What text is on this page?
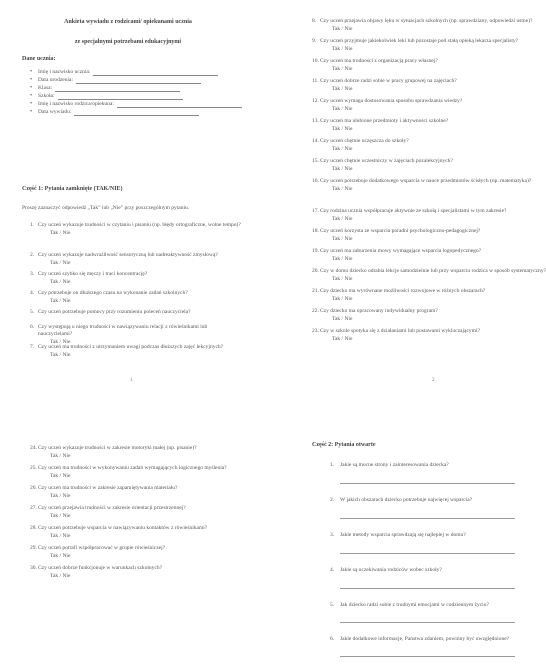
Ankieta wywiadu z rodzicami/ opiekunami ucznia
ze specjalnymi potrzebami edukacyjnymi
Dane ucznia:
• Imię i nazwisko ucznia:
• Data urodzenia:
• Klasa:
• Szkoła:
• Imię i nazwisko rodzica/opiekuna:
• Data wywiadu:
Część 1: Pytania zamknięte (TAK/NIE)
Proszę zaznaczyć odpowiedź „Tak” lub „Nie” przy poszczególnym pytaniu.
1. Czy uczeń wykazuje trudności w czytaniu i pisaniu (np. błędy ortograficzne, wolne tempo)?
Tak / Nie
2. Czy uczeń wykazuje nadwrażliwość sensoryczną lub nadreaktywność zmysłową?
Tak / Nie
3. Czy uczeń szybko się męczy i traci koncentrację?
Tak / Nie
4. Czy potrzebuje on dłuższego czasu na wykonanie zadań szkolnych?
Tak / Nie
5. Czy uczeń potrzebuje pomocy przy rozumieniu poleceń nauczyciela?
6. Czy występują u niego trudności w nawiązywaniu relacji z rówieśnikami lub nauczycielami?
Tak / Nie
7. Czy uczeń ma trudności z utrzymaniem uwagi podczas dłuższych zajęć lekcyjnych?
Tak / Nie
1
8. Czy uczeń przejawia objawy lęku w sytuacjach szkolnych (np. sprawdziany, odpowiedzi ustne)?
Tak / Nie
9. Czy uczeń przyjmuje jakiekolwiek leki lub pozostaje pod stałą opieką lekarza specjalisty?
Tak / Nie
10. Czy uczeń ma trudności z organizacją pracy własnej?
Tak / Nie
11. Czy uczeń dobrze radzi sobie w pracy grupowej na zajęciach?
Tak / Nie
12. Czy uczeń wymaga dostosowania sposobu sprawdzania wiedzy?
Tak / Nie
13. Czy uczeń ma ulubione przedmioty i aktywności szkolne?
Tak / Nie
14. Czy uczeń chętnie uczęszcza do szkoły?
Tak / Nie
15. Czy uczeń chętnie uczestniczy w zajęciach pozalekcyjnych?
Tak / Nie
16. Czy uczeń potrzebuje dodatkowego wsparcia w nauce przedmiotów ścisłych (np. matematyka)?
Tak / Nie
17. Czy rodzina ucznia współpracuje aktywnie ze szkołą i specjalistami w tym zakresie?
Tak / Nie
18. Czy uczeń korzysta ze wsparcia poradni psychologiczno-pedagogicznej?
Tak / Nie
19. Czy uczeń ma zaburzenia mowy wymagające wsparcia logopedycznego?
Tak / Nie
20. Czy w domu dziecko odrabia lekcje samodzielnie lub przy wsparciu rodzica w sposób systematyczny?
Tak / Nie
21. Czy dziecko ma wyrównane możliwości rozwojowe w różnych obszarach?
Tak / Nie
22. Czy dziecko ma opracowany indywidualny program?
Tak / Nie
23. Czy w szkole spotyka się z działaniami lub postawami wykluczającymi?
Tak / Nie
2
24. Czy uczeń wykazuje trudności w zakresie motoryki małej (np. pisanie)?
Tak / Nie
25. Czy uczeń ma trudności w wykonywaniu zadań wymagających logicznego myślenia?
Tak / Nie
26. Czy uczeń ma trudności w zakresie zapamiętywania materiału?
Tak / Nie
27. Czy uczeń przejawia trudności w zakresie orientacji przestrzennej?
Tak / Nie
28. Czy uczeń potrzebuje wsparcia w nawiązywaniu kontaktów z rówieśnikami?
Tak / Nie
29. Czy uczeń potrafi współpracować w grupie rówieśniczej?
Tak / Nie
30. Czy uczeń dobrze funkcjonuje w warunkach szkolnych?
Tak / Nie
Część 2: Pytania otwarte
1.	Jakie są mocne strony i zainteresowania dziecka?
2.	W jakich obszarach dziecko potrzebuje najwięcej wsparcia?
3.	Jakie metody wsparcia sprawdzają się najlepiej w domu?
4.	Jakie są oczekiwania rodziców wobec szkoły?
5.	Jak dziecko radzi sobie z trudnymi emocjami w codziennym życiu?
6.	Jakie dodatkowe informacje, Państwa zdaniem, powinny być uwzględnione?
